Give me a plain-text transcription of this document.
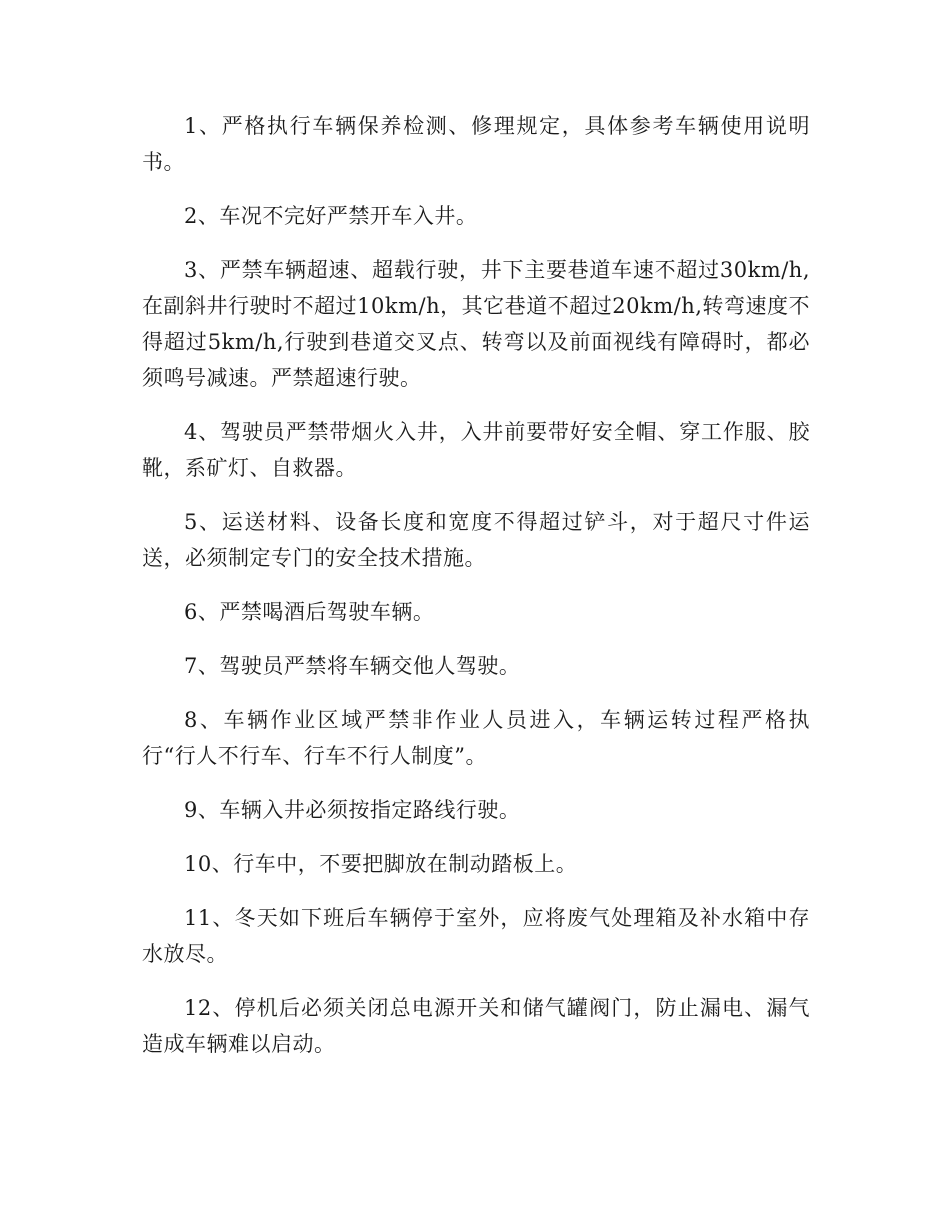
1、严格执行车辆保养检测、修理规定，具体参考车辆使用说明书。

2、车况不完好严禁开车入井。

3、严禁车辆超速、超载行驶，井下主要巷道车速不超过30km/h,在副斜井行驶时不超过10km/h，其它巷道不超过20km/h,转弯速度不得超过5km/h,行驶到巷道交叉点、转弯以及前面视线有障碍时，都必须鸣号减速。严禁超速行驶。

4、驾驶员严禁带烟火入井，入井前要带好安全帽、穿工作服、胶靴，系矿灯、自救器。

5、运送材料、设备长度和宽度不得超过铲斗，对于超尺寸件运送，必须制定专门的安全技术措施。

6、严禁喝酒后驾驶车辆。

7、驾驶员严禁将车辆交他人驾驶。

8、车辆作业区域严禁非作业人员进入，车辆运转过程严格执行“行人不行车、行车不行人制度”。

9、车辆入井必须按指定路线行驶。

10、行车中，不要把脚放在制动踏板上。

11、冬天如下班后车辆停于室外，应将废气处理箱及补水箱中存水放尽。

12、停机后必须关闭总电源开关和储气罐阀门，防止漏电、漏气造成车辆难以启动。
